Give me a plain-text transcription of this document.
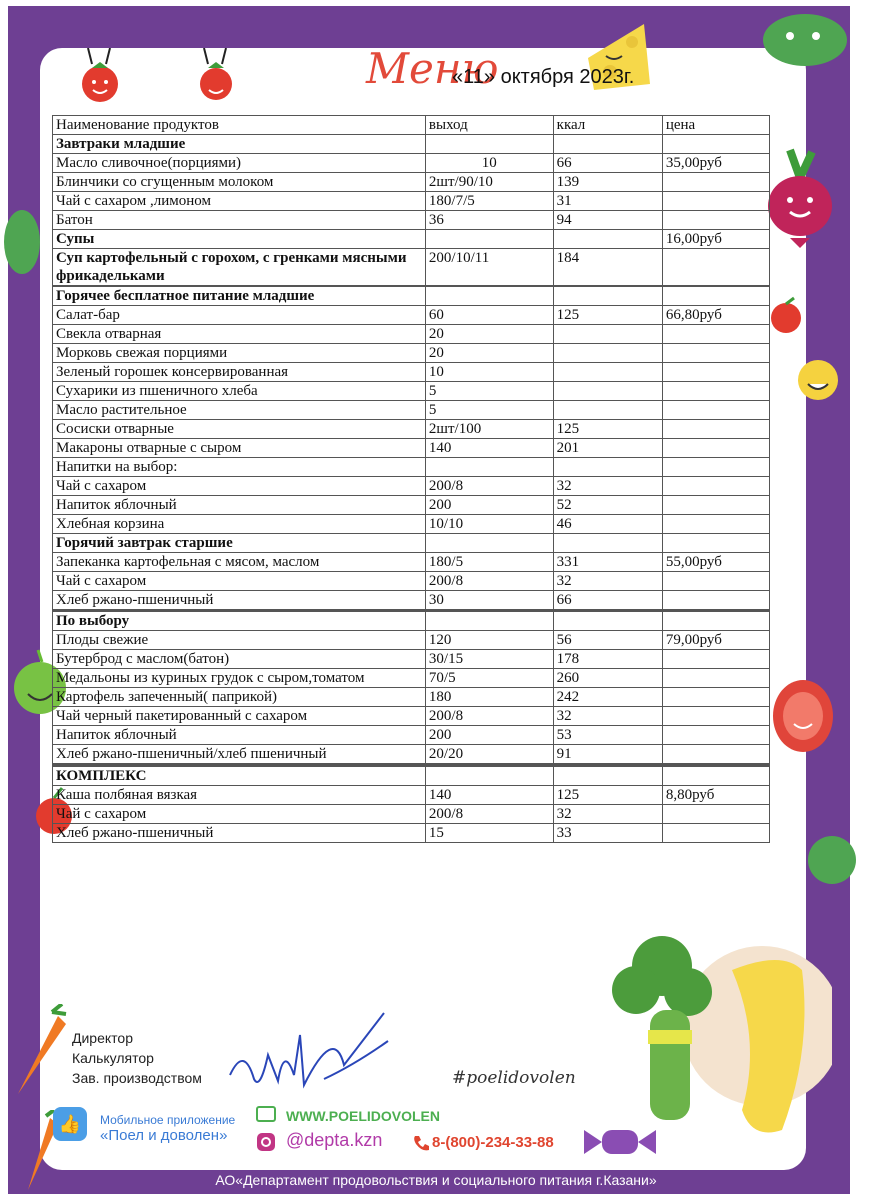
Меню
«11» октября 2023г.
Наименование продуктов	выход	ккал	цена
Завтраки младшие			
Масло сливочное(порциями)	10	66	35,00руб
Блинчики со сгущенным молоком	2шт/90/10	139	
Чай с сахаром ,лимоном	180/7/5	31	
Батон	36	94	
Супы			16,00руб
Суп картофельный с горохом, с гренками мясными фрикадельками	200/10/11	184	

Горячее бесплатное питание младшие			
Салат-бар	60	125	66,80руб
Свекла отварная	20		
Морковь свежая порциями	20		
Зеленый горошек консервированная	10		
Сухарики из пшеничного хлеба	5		
Масло растительное	5		
Сосиски отварные	2шт/100	125	
Макароны отварные с сыром	140	201	
Напитки на выбор:			
Чай с сахаром	200/8	32	
Напиток яблочный	200	52	
Хлебная корзина	10/10	46	
Горячий завтрак старшие			
Запеканка картофельная с мясом, маслом	180/5	331	55,00руб
Чай с сахаром	200/8	32	
Хлеб ржано-пшеничный	30	66	

По выбору			
Плоды свежие	120	56	79,00руб
Бутерброд с маслом(батон)	30/15	178	
Медальоны из куриных грудок с сыром,томатом	70/5	260	
Картофель запеченный( паприкой)	180	242	
Чай черный пакетированный с сахаром	200/8	32	
Напиток яблочный	200	53	
Хлеб ржано-пшеничный/хлеб пшеничный	20/20	91	

КОМПЛЕКС			
Каша полбяная вязкая	140	125	8,80руб
Чай с сахаром	200/8	32	
Хлеб ржано-пшеничный	15	33	
Директор
Калькулятор
Зав. производством	#poelidovolen
👍	Мобильное приложение
«Поел и доволен»
WWW.POELIDOVOLEN
@depta.kzn	8-(800)-234-33-88
АО«Департамент продовольствия и социального питания г.Казани»
